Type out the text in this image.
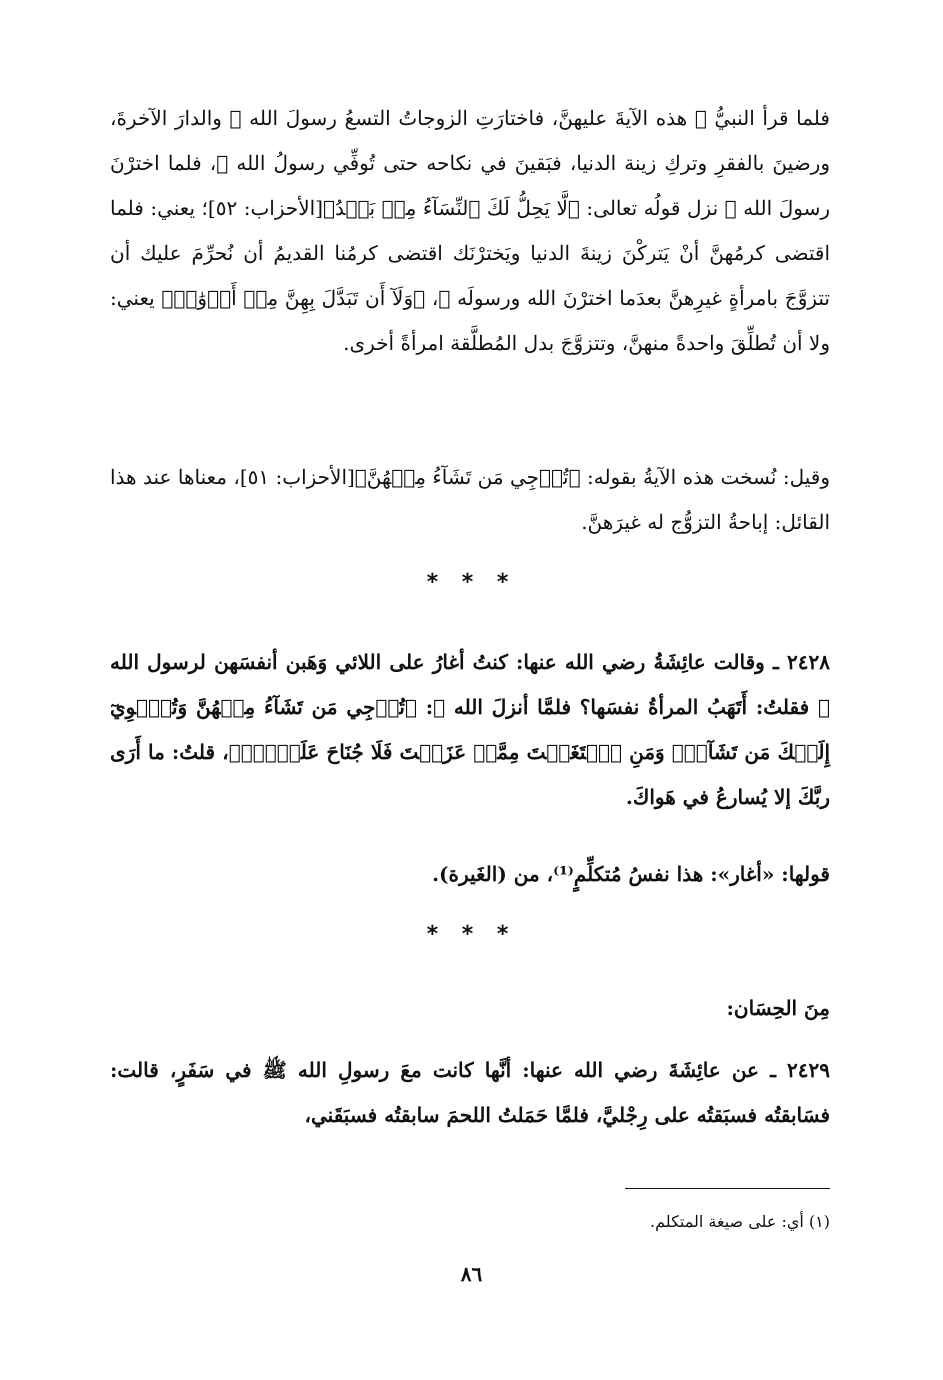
فلما قرأ النبيُّ ﷺ هذه الآيةَ عليهنَّ، فاختارَتِ الزوجاتُ التسعُ رسولَ الله ﷺ والدارَ الآخرةَ، ورضينَ بالفقرِ وتركِ زينة الدنيا، فبَقينَ في نكاحه حتى تُوفِّي رسولُ الله ﷺ، فلما اخترْنَ رسولَ الله ﷺ نزل قولُه تعالى: ﴿لَّا يَحِلُّ لَكَ ٱلنِّسَآءُ مِنۢ بَعۡدُ﴾[الأحزاب: ٥٢]؛ يعني: فلما اقتضى كرمُهنَّ أنْ يَتركْنَ زينةَ الدنيا ويَخترْنَك اقتضى كرمُنا القديمُ أن نُحرِّمَ عليك أن تتزوَّجَ بامرأةٍ غيرِهنَّ بعدَما اخترْنَ الله ورسولَه ﷺ، ﴿وَلَآ أَن تَبَدَّلَ بِهِنَّ مِنۡ أَزۡوَٰجٖ﴾ يعني: ولا أن تُطلِّقَ واحدةً منهنَّ، وتتزوَّجَ بدل المُطلَّقة امرأةً أخرى.

وقيل: نُسخت هذه الآيةُ بقوله: ﴿تُرۡجِي مَن تَشَآءُ مِنۡهُنَّ﴾[الأحزاب: ٥١]، معناها عند هذا القائل: إباحةُ التزوُّج له غيرَهنَّ.

* * *

٢٤٢٨ ـ وقالت عائِشَةُ رضي الله عنها: كنتُ أغارُ على اللائي وَهَبن أنفسَهن لرسول الله ﷺ فقلتُ: أَتَهَبُ المرأةُ نفسَها؟ فلمَّا أنزلَ الله ﷻ: ﴿تُرۡجِي مَن تَشَآءُ مِنۡهُنَّ وَتُـٔۡوِيٓ إِلَيۡكَ مَن تَشَآءُۖ وَمَنِ ٱبۡتَغَيۡتَ مِمَّنۡ عَزَلۡتَ فَلَا جُنَاحَ عَلَيۡكَۚ﴾، قلتُ: ما أَرَى ربَّكَ إلا يُسارعُ في هَواكَ.

قولها: «أغار»: هذا نفسُ مُتكلِّمٍ⁽¹⁾، من (الغَيرة).

* * *
مِنَ الحِسَان:

٢٤٢٩ ـ عن عائِشَةَ رضي الله عنها: أنَّها كانت معَ رسولِ الله ﷺ في سَفَرٍ، قالت: فسَابقتُه فسبَقتُه على رِجْليَّ، فلمَّا حَمَلتُ اللحمَ سابقتُه فسبَقَني،

(١) أي: على صيغة المتكلم.

٨٦
